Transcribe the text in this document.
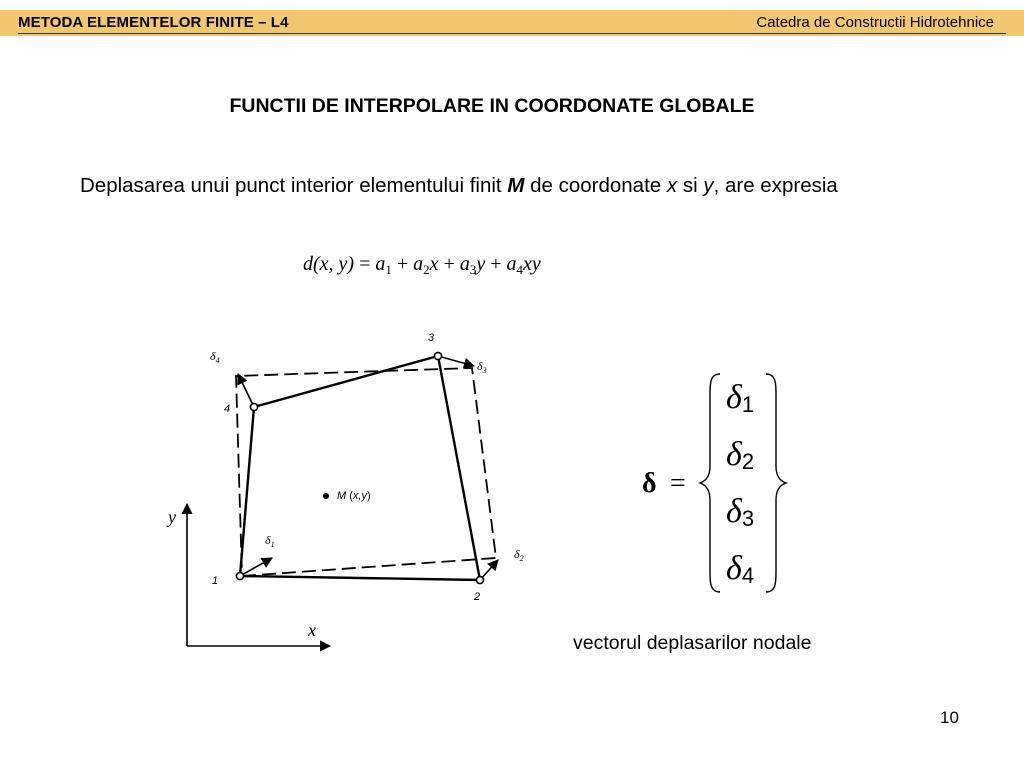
METODA ELEMENTELOR FINITE – L4	Catedra de Constructii Hidrotehnice
FUNCTII DE INTERPOLARE IN COORDONATE GLOBALE
Deplasarea unui punct interior elementului finit M de coordonate x si y, are expresia
d(x, $y) = a_1 + a_2x + a_3y + a_4xy$
1
2
3
4
$\delta_1$
$\delta_2$
$\delta_3$
$\delta_4$
M (x,y)
y
x
δ =
δ1
δ2
δ3
δ4
vectorul deplasarilor nodale
10
